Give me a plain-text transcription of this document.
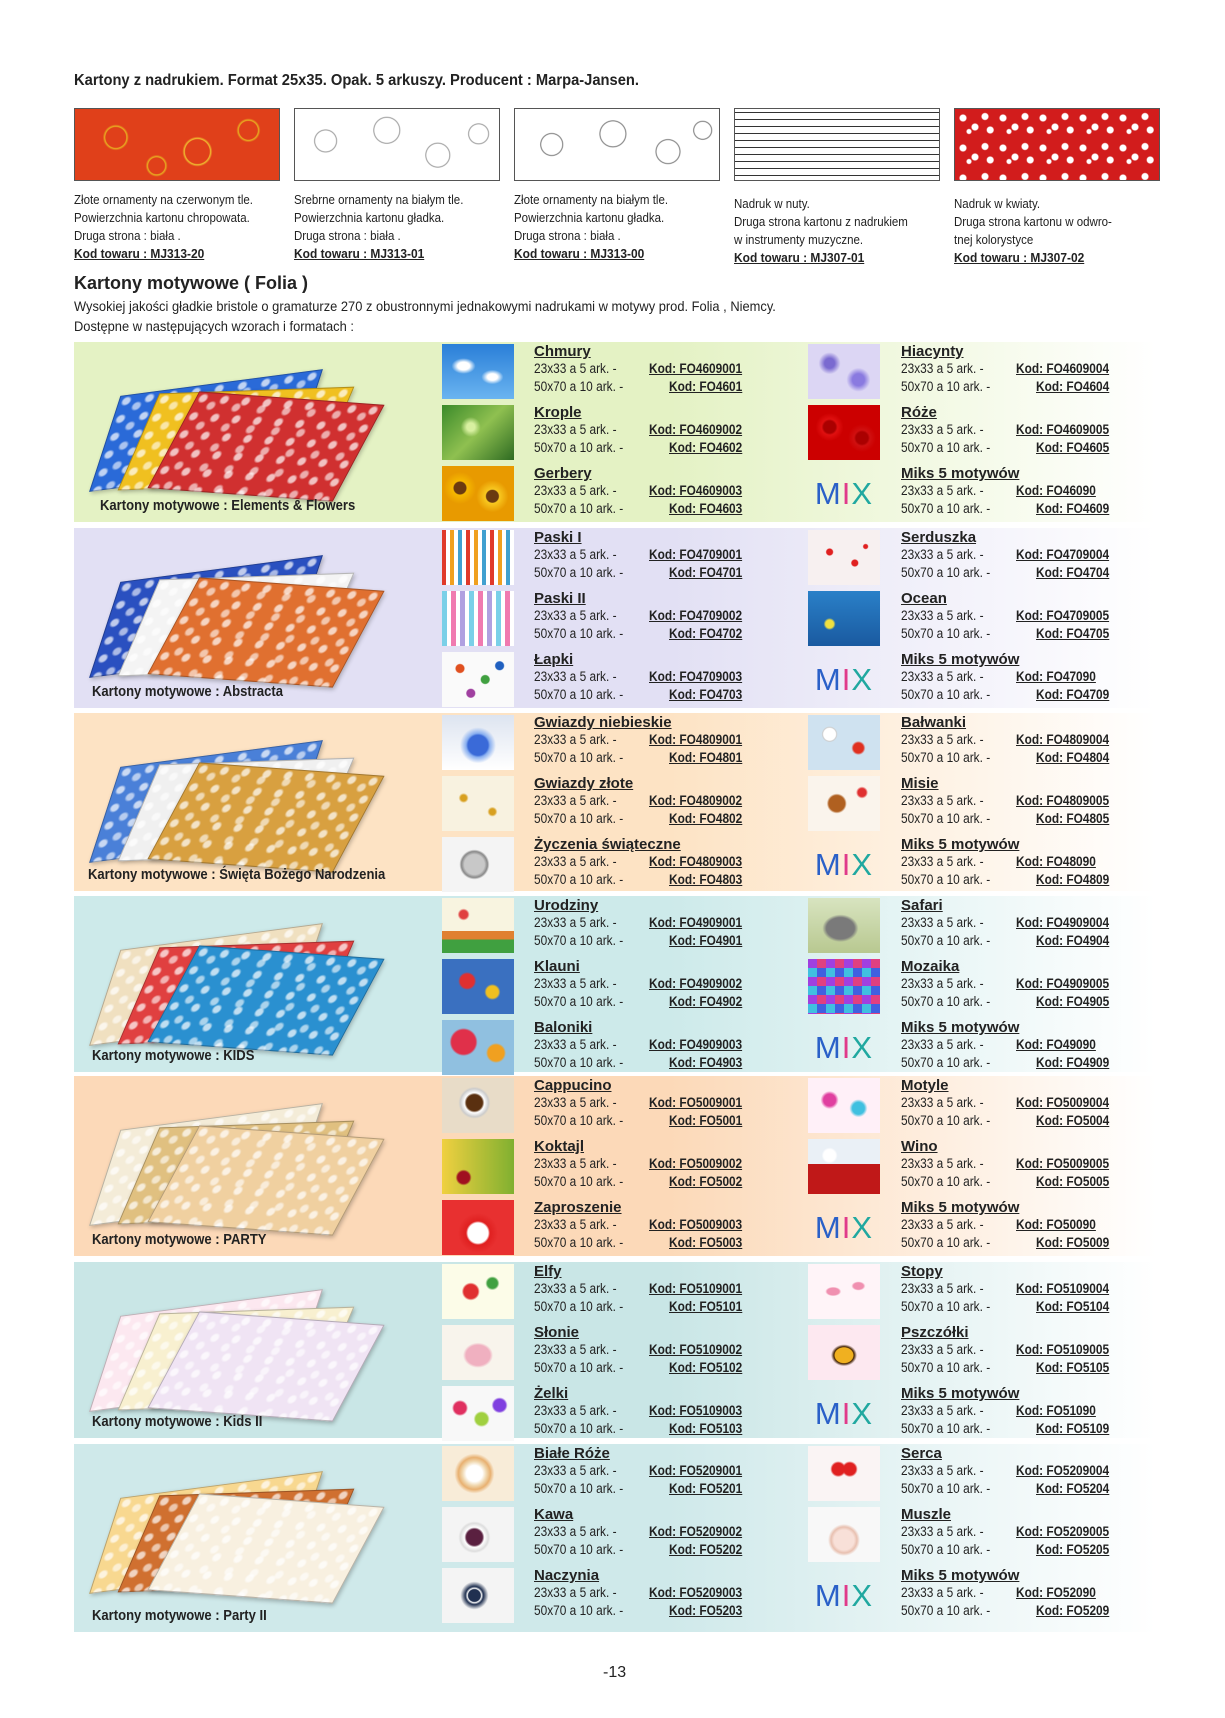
Kartony z nadrukiem. Format 25x35. Opak. 5 arkuszy. Producent : Marpa-Jansen.
Złote ornamenty na czerwonym tle.
Powierzchnia kartonu chropowata.
Druga strona : biała .
Kod towaru : MJ313-20
Srebrne ornamenty na białym tle.
Powierzchnia kartonu gładka.
Druga strona : biała .
Kod towaru : MJ313-01
Złote ornamenty na białym tle.
Powierzchnia kartonu gładka.
Druga strona : biała .
Kod towaru : MJ313-00
Nadruk w nuty.
Druga strona kartonu z nadrukiem
w instrumenty muzyczne.
Kod towaru : MJ307-01
Nadruk w kwiaty.
Druga strona kartonu w odwro-
tnej kolorystyce
Kod towaru : MJ307-02
Kartony motywowe ( Folia )
Wysokiej jakości gładkie bristole o gramaturze 270 z obustronnymi jednakowymi nadrukami w motywy prod. Folia , Niemcy.
Dostępne w następujących wzorach i formatach :
Kartony motywowe : Elements & Flowers
Chmury
23x33 a 5 ark. - Kod: FO4609001
50x70 a 10 ark. -	Kod: FO4601
Krople
23x33 a 5 ark. - Kod: FO4609002
50x70 a 10 ark. -	Kod: FO4602
Gerbery
23x33 a 5 ark. - Kod: FO4609003
50x70 a 10 ark. -	Kod: FO4603
Hiacynty
23x33 a 5 ark. - Kod: FO4609004
50x70 a 10 ark. -	Kod: FO4604
Róże
23x33 a 5 ark. - Kod: FO4609005
50x70 a 10 ark. -	Kod: FO4605
M I X
Miks 5 motywów
23x33 a 5 ark. - Kod: FO46090
50x70 a 10 ark. -	Kod: FO4609
Kartony motywowe : Abstracta
Paski I
23x33 a 5 ark. - Kod: FO4709001
50x70 a 10 ark. -	Kod: FO4701
Paski II
23x33 a 5 ark. - Kod: FO4709002
50x70 a 10 ark. -	Kod: FO4702
Łapki
23x33 a 5 ark. - Kod: FO4709003
50x70 a 10 ark. -	Kod: FO4703
Serduszka
23x33 a 5 ark. - Kod: FO4709004
50x70 a 10 ark. -	Kod: FO4704
Ocean
23x33 a 5 ark. - Kod: FO4709005
50x70 a 10 ark. -	Kod: FO4705
M I X
Miks 5 motywów
23x33 a 5 ark. - Kod: FO47090
50x70 a 10 ark. -	Kod: FO4709
Kartony motywowe : Święta Bożego Narodzenia
Gwiazdy niebieskie
23x33 a 5 ark. - Kod: FO4809001
50x70 a 10 ark. -	Kod: FO4801
Gwiazdy złote
23x33 a 5 ark. - Kod: FO4809002
50x70 a 10 ark. -	Kod: FO4802
Życzenia świąteczne
23x33 a 5 ark. - Kod: FO4809003
50x70 a 10 ark. -	Kod: FO4803
Bałwanki
23x33 a 5 ark. - Kod: FO4809004
50x70 a 10 ark. -	Kod: FO4804
Misie
23x33 a 5 ark. - Kod: FO4809005
50x70 a 10 ark. -	Kod: FO4805
M I X
Miks 5 motywów
23x33 a 5 ark. - Kod: FO48090
50x70 a 10 ark. -	Kod: FO4809
Kartony motywowe : KIDS
Urodziny
23x33 a 5 ark. - Kod: FO4909001
50x70 a 10 ark. -	Kod: FO4901
Klauni
23x33 a 5 ark. - Kod: FO4909002
50x70 a 10 ark. -	Kod: FO4902
Baloniki
23x33 a 5 ark. - Kod: FO4909003
50x70 a 10 ark. -	Kod: FO4903
Safari
23x33 a 5 ark. - Kod: FO4909004
50x70 a 10 ark. -	Kod: FO4904
Mozaika
23x33 a 5 ark. - Kod: FO4909005
50x70 a 10 ark. -	Kod: FO4905
M I X
Miks 5 motywów
23x33 a 5 ark. - Kod: FO49090
50x70 a 10 ark. -	Kod: FO4909
Kartony motywowe : PARTY
Cappucino
23x33 a 5 ark. - Kod: FO5009001
50x70 a 10 ark. -	Kod: FO5001
Koktajl
23x33 a 5 ark. - Kod: FO5009002
50x70 a 10 ark. -	Kod: FO5002
Zaproszenie
23x33 a 5 ark. - Kod: FO5009003
50x70 a 10 ark. -	Kod: FO5003
Motyle
23x33 a 5 ark. - Kod: FO5009004
50x70 a 10 ark. -	Kod: FO5004
Wino
23x33 a 5 ark. - Kod: FO5009005
50x70 a 10 ark. -	Kod: FO5005
M I X
Miks 5 motywów
23x33 a 5 ark. - Kod: FO50090
50x70 a 10 ark. -	Kod: FO5009
Kartony motywowe : Kids II
Elfy
23x33 a 5 ark. - Kod: FO5109001
50x70 a 10 ark. -	Kod: FO5101
Słonie
23x33 a 5 ark. - Kod: FO5109002
50x70 a 10 ark. -	Kod: FO5102
Żelki
23x33 a 5 ark. - Kod: FO5109003
50x70 a 10 ark. -	Kod: FO5103
Stopy
23x33 a 5 ark. - Kod: FO5109004
50x70 a 10 ark. -	Kod: FO5104
Pszczółki
23x33 a 5 ark. - Kod: FO5109005
50x70 a 10 ark. -	Kod: FO5105
M I X
Miks 5 motywów
23x33 a 5 ark. - Kod: FO51090
50x70 a 10 ark. -	Kod: FO5109
Kartony motywowe : Party II
Białe Róże
23x33 a 5 ark. - Kod: FO5209001
50x70 a 10 ark. -	Kod: FO5201
Kawa
23x33 a 5 ark. - Kod: FO5209002
50x70 a 10 ark. -	Kod: FO5202
Naczynia
23x33 a 5 ark. - Kod: FO5209003
50x70 a 10 ark. -	Kod: FO5203
Serca
23x33 a 5 ark. - Kod: FO5209004
50x70 a 10 ark. -	Kod: FO5204
Muszle
23x33 a 5 ark. - Kod: FO5209005
50x70 a 10 ark. -	Kod: FO5205
M I X
Miks 5 motywów
23x33 a 5 ark. - Kod: FO52090
50x70 a 10 ark. -	Kod: FO5209
-13
